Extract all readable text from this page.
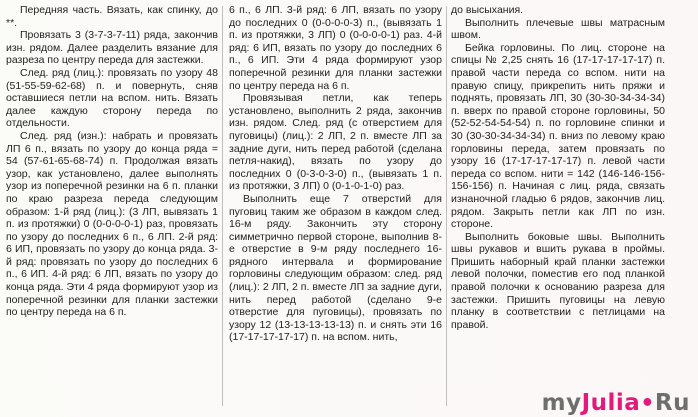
Передняя часть. Вязать, как спинку, до **.

Провязать 3 (3-7-3-7-11) ряда, закончив изн. рядом. Далее разделить вязание для разреза по центру переда для застежки.

След. ряд (лиц.): провязать по узору 48 (51-55-59-62-68) п. и повернуть, сняв оставшиеся петли на вспом. нить. Вязать далее каждую сторону переда по отдельности.

След. ряд (изн.): набрать и провязать ЛП 6 п., вязать по узору до конца ряда = 54 (57-61-65-68-74) п. Продолжая вязать узор, как установлено, далее выполнять узор из поперечной резинки на 6 п. планки по краю разреза переда следующим образом: 1-й ряд (лиц.): (3 ЛП, вывязать 1 п. из протяжки) 0 (0-0-0-0-1) раз, провязать по узору до последних 6 п., 6 ЛП. 2-й ряд: 6 ИП, провязать по узору до конца ряда. 3-й ряд: провязать по узору до последних 6 п., 6 ИП. 4-й ряд: 6 ЛП, вязать по узору до конца ряда. Эти 4 ряда формируют узор из поперечной резинки для планки застежки по центру переда на 6 п.

6 п., 6 ЛП. 3-й ряд: 6 ЛП, вязать по узору до последних 0 (0-0-0-0-3) п., (вывязать 1 п. из протяжки, 3 ЛП) 0 (0-0-0-0-1) раз. 4-й ряд: 6 ИП, вязать по узору до последних 6 п., 6 ИП. Эти 4 ряда формируют узор поперечной резинки для планки застежки по центру переда на 6 п.

Провязывая петли, как теперь установлено, выполнить 2 ряда, закончив изн. рядом. След. ряд (с отверстием для пуговицы) (лиц.): 2 ЛП, 2 п. вместе ЛП за задние дуги, нить перед работой (сделана петля-накид), вязать по узору до последних 0 (0-3-0-3-0) п., (вывязать 1 п. из протяжки, 3 ЛП) 0 (0-1-0-1-0) раз.

Выполнить еще 7 отверстий для пуговиц таким же образом в каждом след. 16-м ряду. Закончить эту сторону симметрично первой стороне, выполнив 8-е отверстие в 9-м ряду последнего 16-рядного интервала и формирование горловины следующим образом: след. ряд (лиц.): 2 ЛП, 2 п. вместе ЛП за задние дуги, нить перед работой (сделано 9-е отверстие для пуговицы), провязать по узору 12 (13-13-13-13-13) п. и снять эти 16 (17-17-17-17-17) п. на вспом. нить,

до высыхания.

Выполнить плечевые швы матрасным швом.

Бейка горловины. По лиц. стороне на спицы № 2,25 снять 16 (17-17-17-17-17) п. правой части переда со вспом. нити на правую спицу, прикрепить нить пряжи и поднять, провязать ЛП, 30 (30-30-34-34-34) п. вверх по правой стороне горловины, 50 (52-52-54-54-54) п. по горловине спинки и 30 (30-30-34-34-34) п. вниз по левому краю горловины переда, затем провязать по узору 16 (17-17-17-17-17) п. левой части переда со вспом. нити = 142 (146-146-156-156-156) п. Начиная с лиц. ряда, связать изнаночной гладью 6 рядов, закончив лиц. рядом. Закрыть петли как ЛП по изн. стороне.

Выполнить боковые швы. Выполнить швы рукавов и вшить рукава в проймы. Пришить наборный край планки застежки левой полочки, поместив его под планкой правой полочки к основанию разреза для застежки. Пришить пуговицы на левую планку в соответствии с петлицами на правой.

myJulia•Ru
